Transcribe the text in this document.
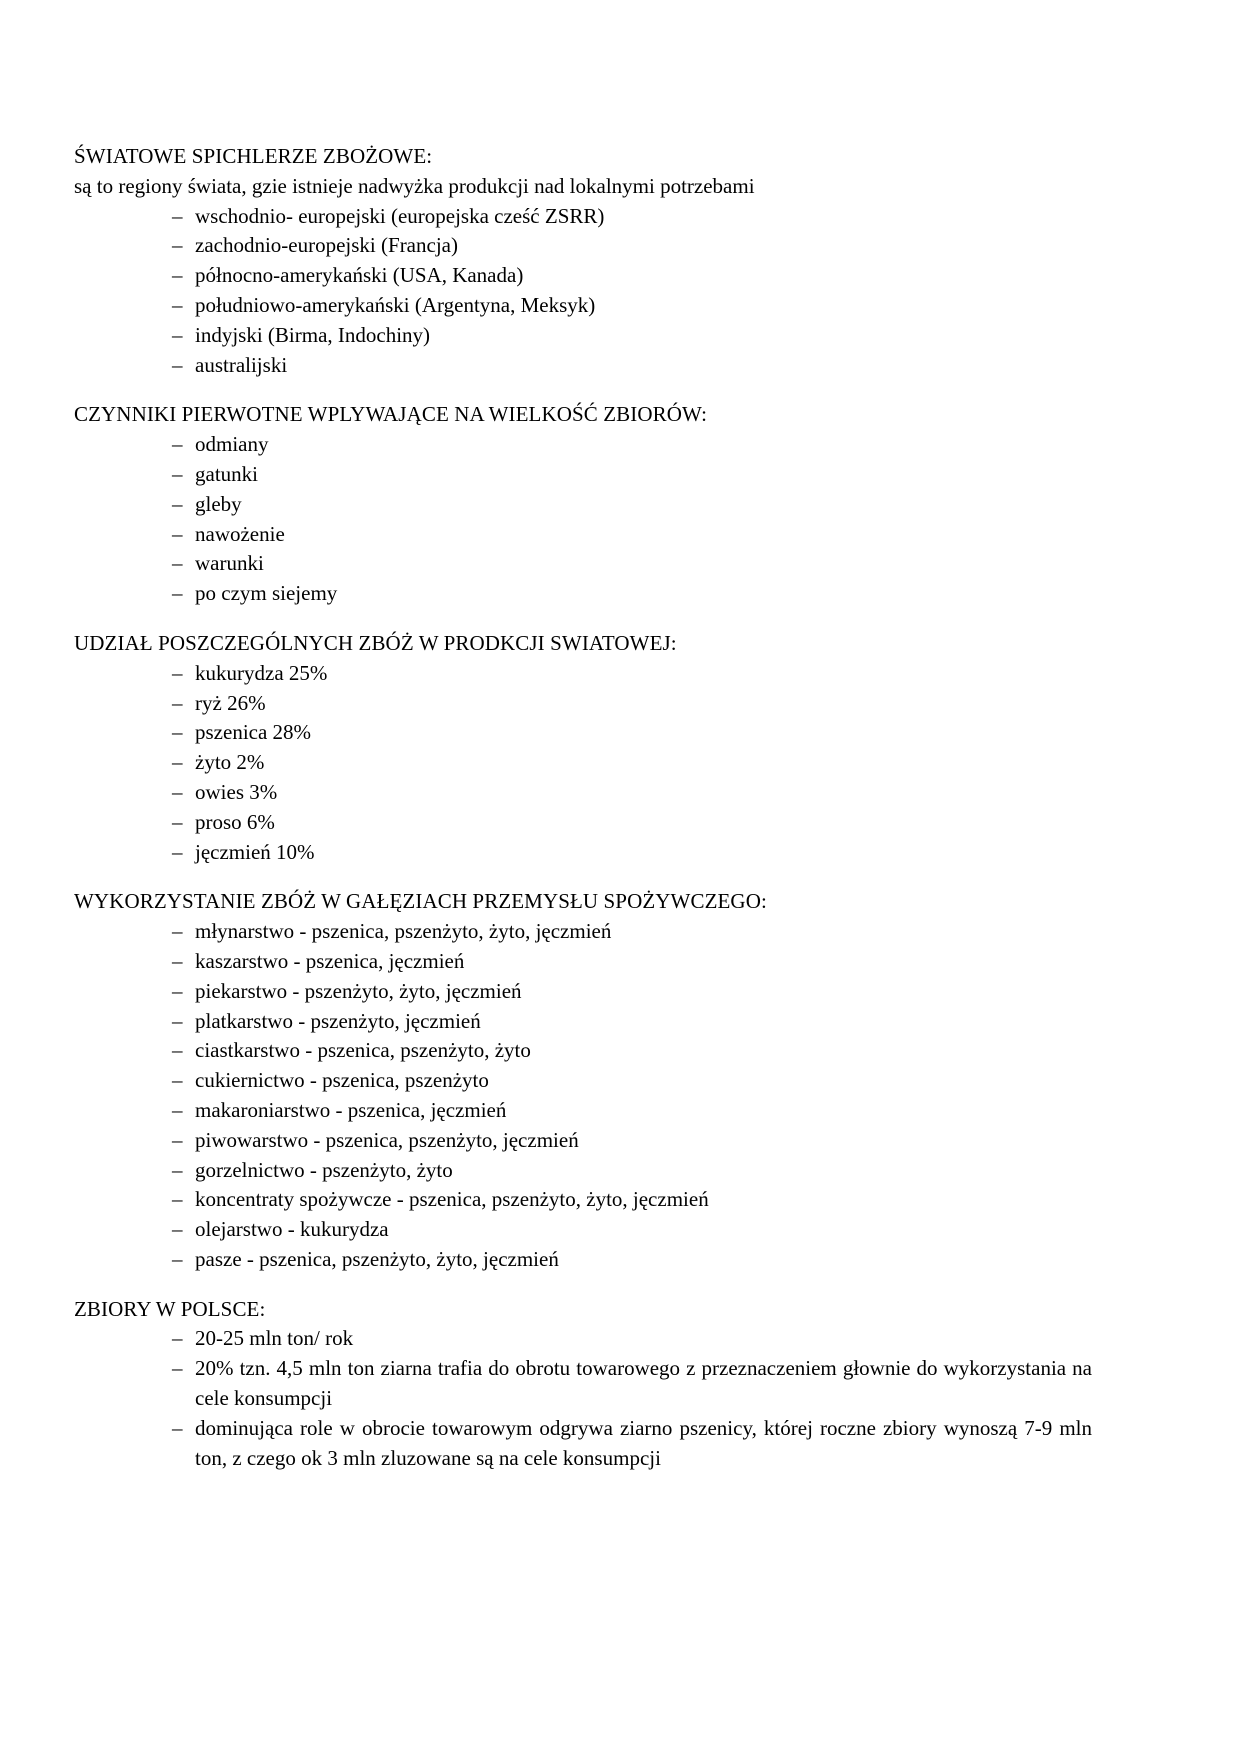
ŚWIATOWE SPICHLERZE ZBOŻOWE:

są to regiony świata, gzie istnieje nadwyżka produkcji nad lokalnymi potrzebami

– wschodnio- europejski (europejska cześć ZSRR)
– zachodnio-europejski (Francja)
– północno-amerykański (USA, Kanada)
– południowo-amerykański (Argentyna, Meksyk)
– indyjski (Birma, Indochiny)
– australijski
CZYNNIKI PIERWOTNE WPLYWAJĄCE NA WIELKOŚĆ ZBIORÓW:
– odmiany
– gatunki
– gleby
– nawożenie
– warunki
– po czym siejemy
UDZIAŁ POSZCZEGÓLNYCH ZBÓŻ W PRODKCJI SWIATOWEJ:
– kukurydza 25%
– ryż 26%
– pszenica 28%
– żyto 2%
– owies 3%
– proso 6%
– jęczmień 10%
WYKORZYSTANIE ZBÓŻ W GAŁĘZIACH PRZEMYSŁU SPOŻYWCZEGO:
– młynarstwo - pszenica, pszenżyto, żyto, jęczmień
– kaszarstwo - pszenica, jęczmień
– piekarstwo - pszenżyto, żyto, jęczmień
– platkarstwo - pszenżyto, jęczmień
– ciastkarstwo - pszenica, pszenżyto, żyto
– cukiernictwo - pszenica, pszenżyto
– makaroniarstwo - pszenica, jęczmień
– piwowarstwo - pszenica, pszenżyto, jęczmień
– gorzelnictwo - pszenżyto, żyto
– koncentraty spożywcze - pszenica, pszenżyto, żyto, jęczmień
– olejarstwo - kukurydza
– pasze - pszenica, pszenżyto, żyto, jęczmień
ZBIORY W POLSCE:
– 20-25 mln ton/ rok
– 20% tzn. 4,5 mln ton ziarna trafia do obrotu towarowego z przeznaczeniem głownie do wykorzystania na cele konsumpcji
– dominująca role w obrocie towarowym odgrywa ziarno pszenicy, której roczne zbiory wynoszą 7-9 mln ton, z czego ok 3 mln zluzowane są na cele konsumpcji
